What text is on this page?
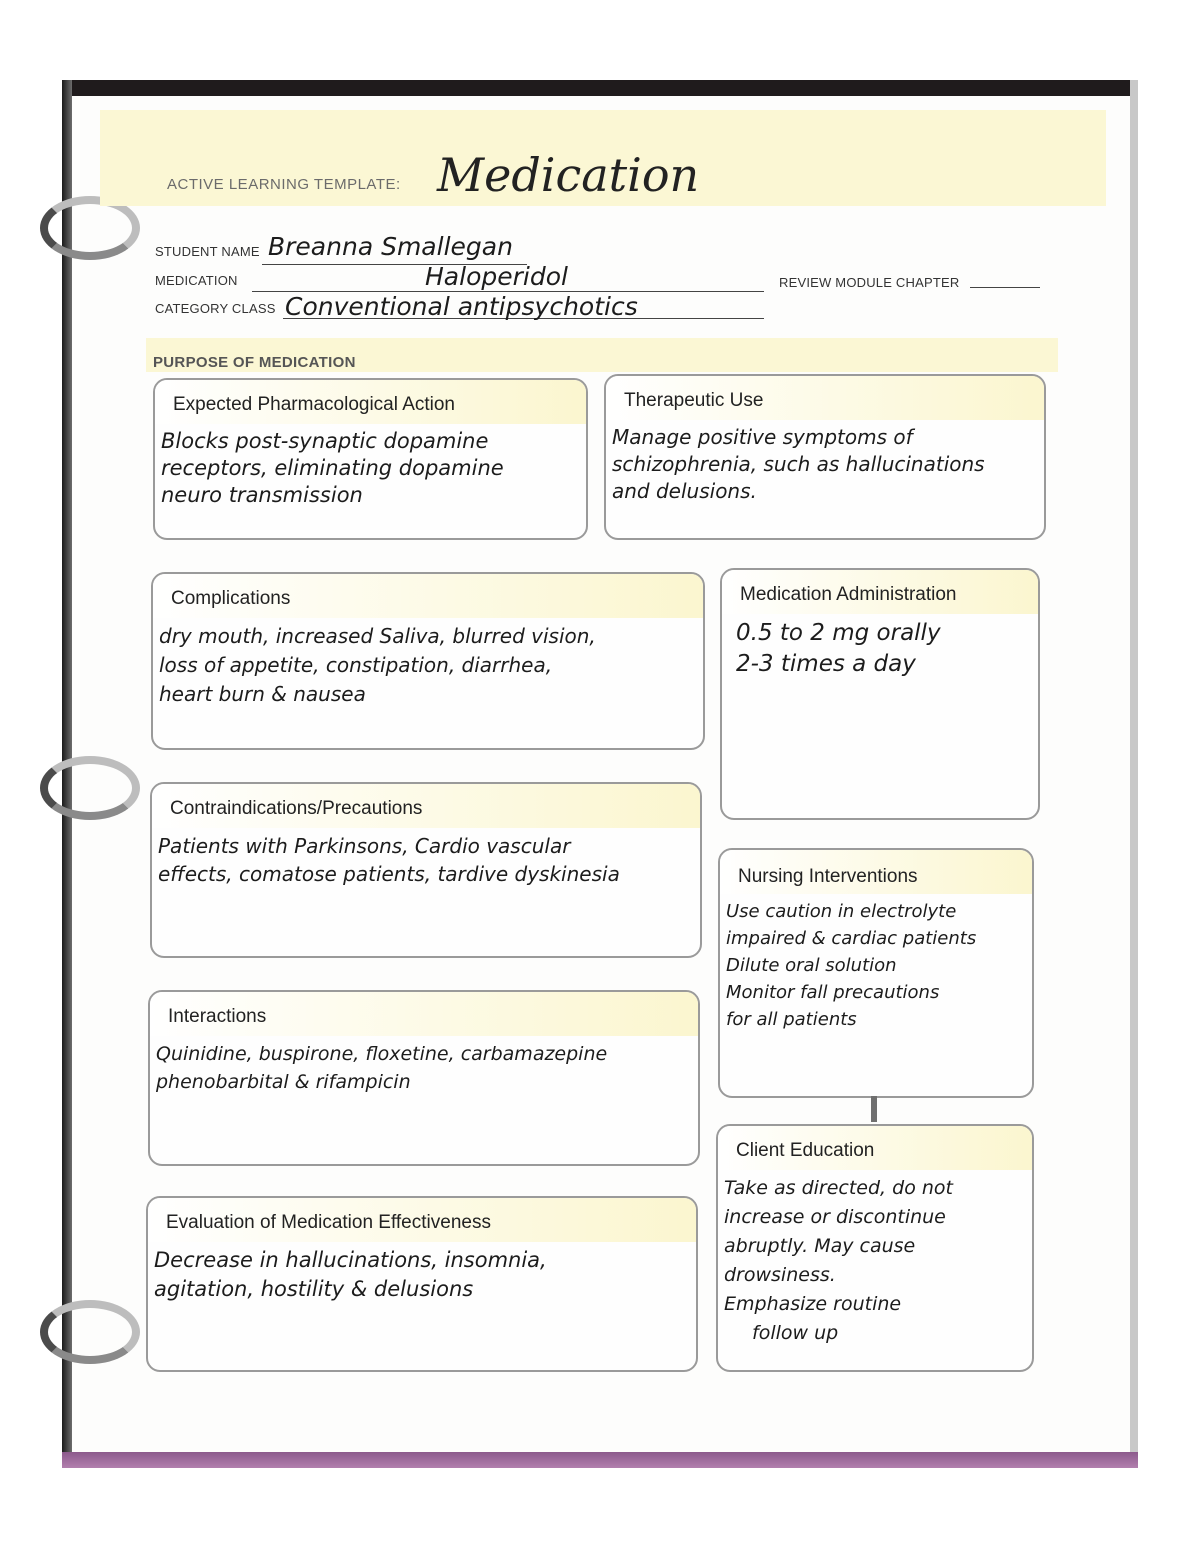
ACTIVE LEARNING TEMPLATE: Medication
STUDENT NAME Breanna Smallegan
MEDICATION	Haloperidol	REVIEW MODULE CHAPTER
CATEGORY CLASS Conventional antipsychotics
PURPOSE OF MEDICATION
Expected Pharmacological Action
Blocks post-synaptic dopamine
receptors, eliminating dopamine
neuro transmission
Therapeutic Use
Manage positive symptoms of
schizophrenia, such as hallucinations
and delusions.
Complications
dry mouth, increased Saliva, blurred vision,
loss of appetite, constipation, diarrhea,
heart burn & nausea
Medication Administration
0.5 to 2 mg orally
2-3 times a day
Contraindications/Precautions
Patients with Parkinsons, Cardio vascular
effects, comatose patients, tardive dyskinesia	Nursing Interventions
Use caution in electrolyte
impaired & cardiac patients
Dilute oral solution
Monitor fall precautions
for all patients
Interactions
Quinidine, buspirone, floxetine, carbamazepine
phenobarbital & rifampicin
Client Education
Take as directed, do not
increase or discontinue
abruptly. May cause
drowsiness.
Emphasize routine
follow up
Evaluation of Medication Effectiveness
Decrease in hallucinations, insomnia,
agitation, hostility & delusions
